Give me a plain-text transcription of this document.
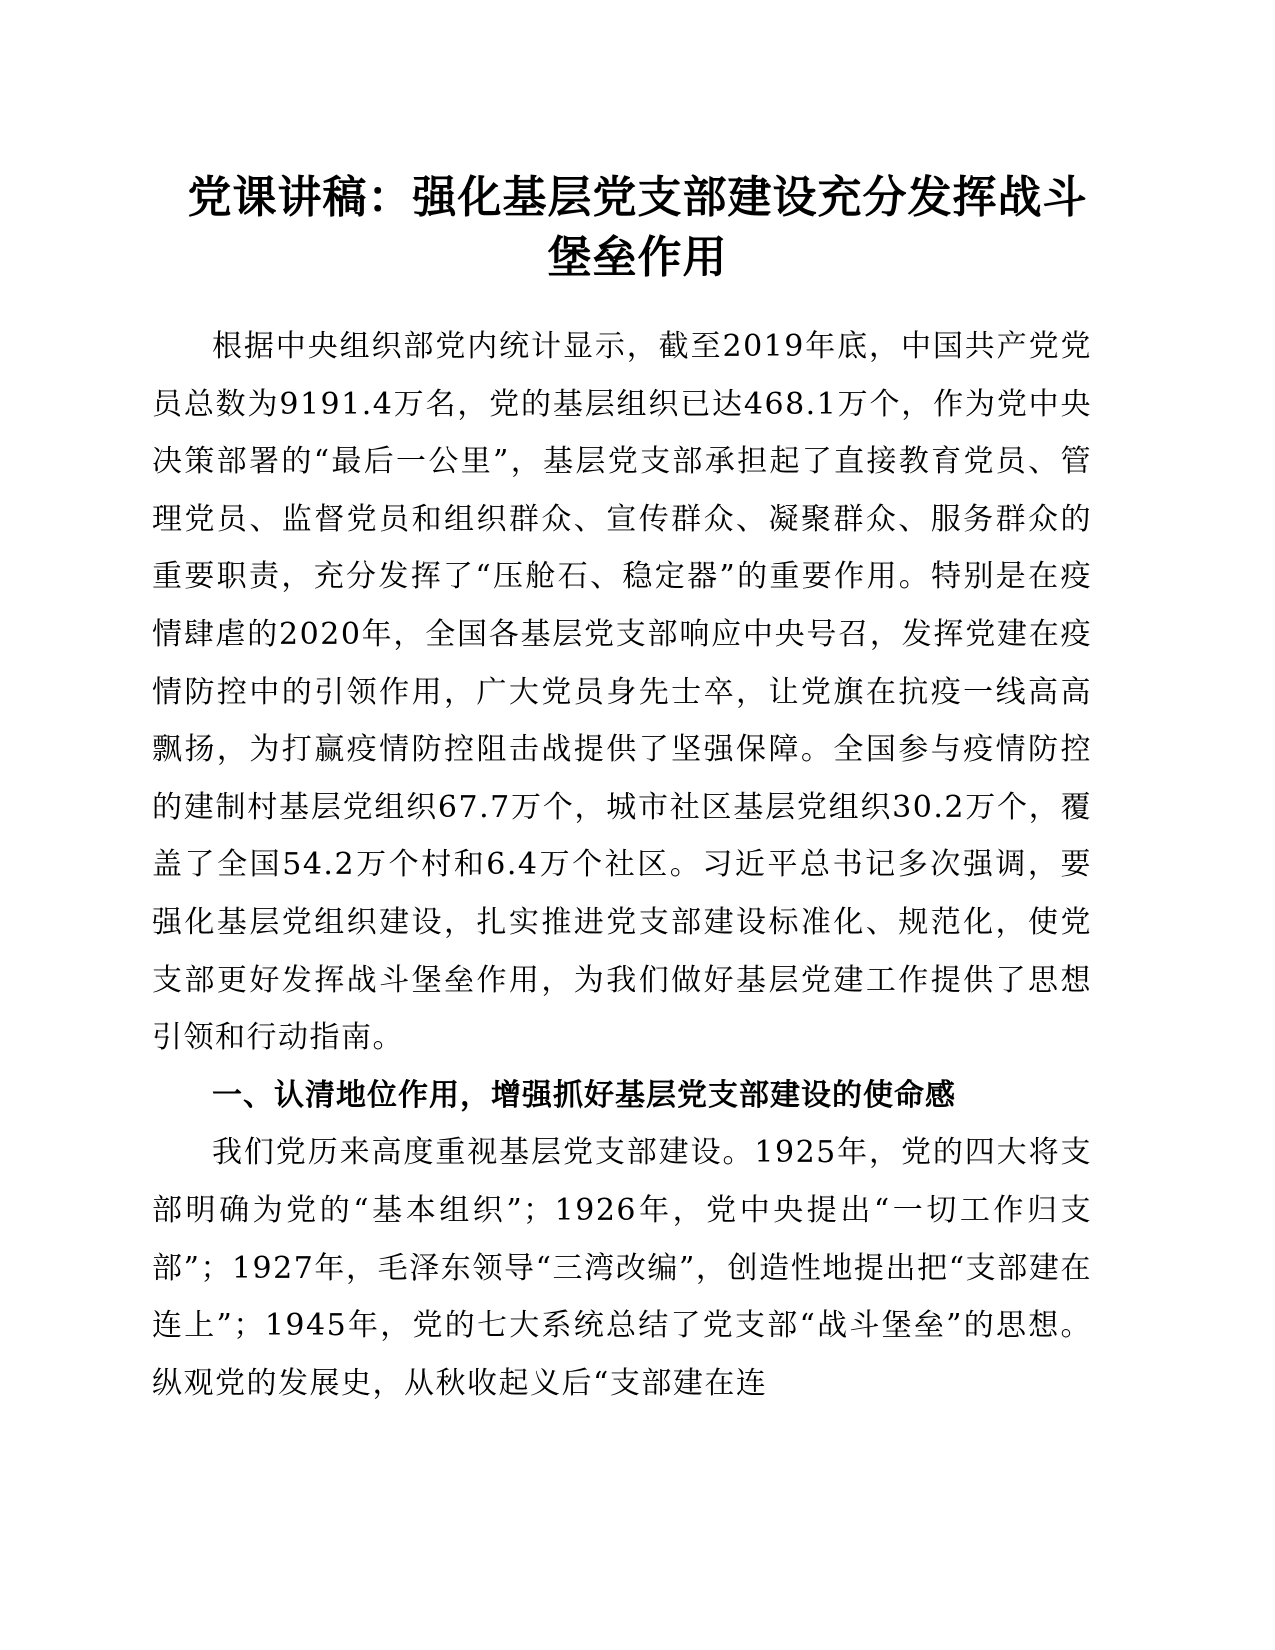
党课讲稿：强化基层党支部建设充分发挥战斗
堡垒作用

根据中央组织部党内统计显示，截至2019年底，中国共产党党员总数为9191.4万名，党的基层组织已达468.1万个，作为党中央决策部署的“最后一公里”，基层党支部承担起了直接教育党员、管理党员、监督党员和组织群众、宣传群众、凝聚群众、服务群众的重要职责，充分发挥了“压舱石、稳定器”的重要作用。特别是在疫情肆虐的2020年，全国各基层党支部响应中央号召，发挥党建在疫情防控中的引领作用，广大党员身先士卒，让党旗在抗疫一线高高飘扬，为打赢疫情防控阻击战提供了坚强保障。全国参与疫情防控的建制村基层党组织67.7万个，城市社区基层党组织30.2万个，覆盖了全国54.2万个村和6.4万个社区。习近平总书记多次强调，要强化基层党组织建设，扎实推进党支部建设标准化、规范化，使党支部更好发挥战斗堡垒作用，为我们做好基层党建工作提供了思想引领和行动指南。

一、认清地位作用，增强抓好基层党支部建设的使命感

我们党历来高度重视基层党支部建设。1925年，党的四大将支部明确为党的“基本组织”；1926年，党中央提出“一切工作归支部”；1927年，毛泽东领导“三湾改编”，创造性地提出把“支部建在连上”；1945年，党的七大系统总结了党支部“战斗堡垒”的思想。纵观党的发展史，从秋收起义后“支部建在连
